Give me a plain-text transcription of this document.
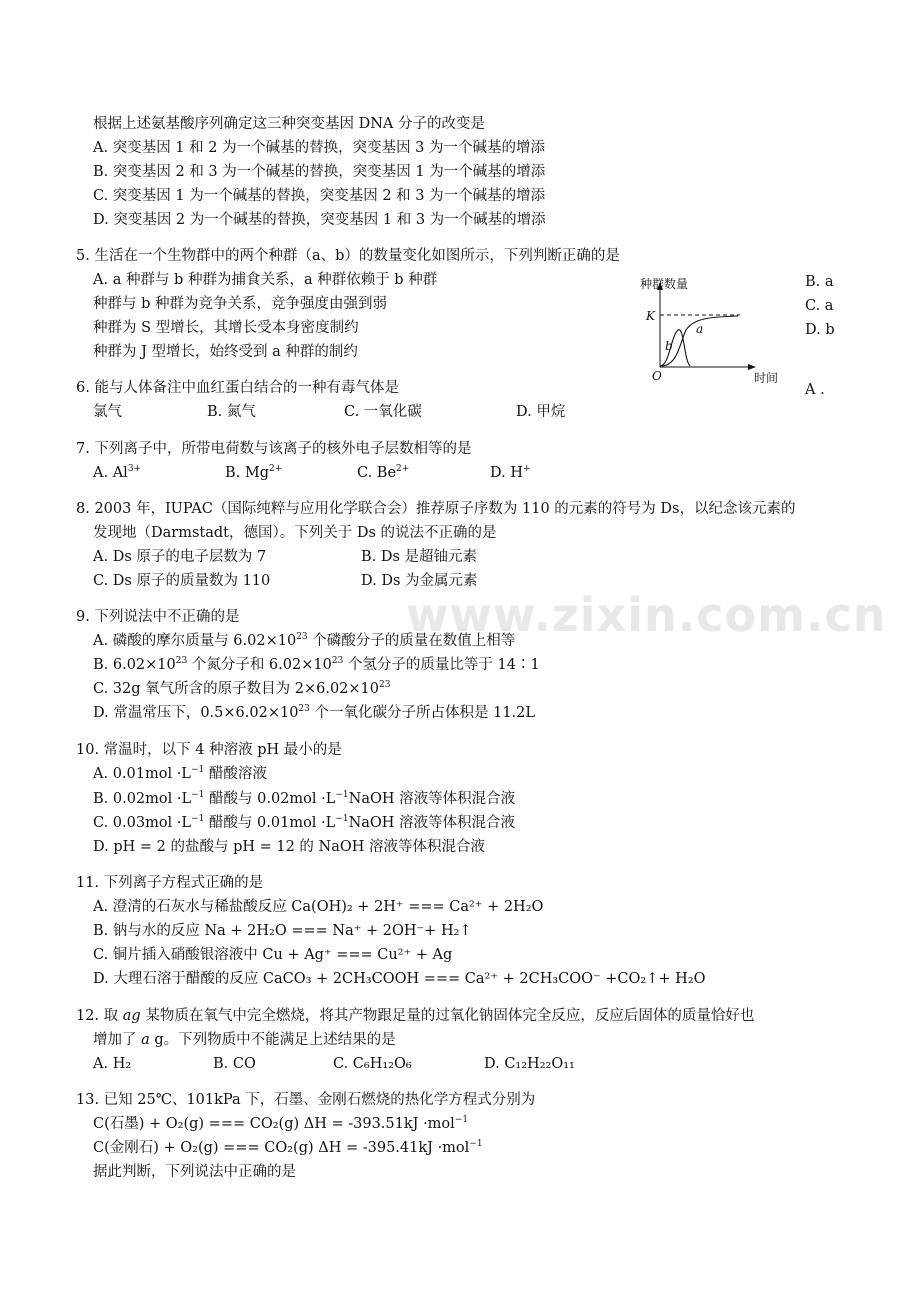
www.zixin.com.cn
根据上述氨基酸序列确定这三种突变基因 DNA 分子的改变是
A. 突变基因 1 和 2 为一个碱基的替换，突变基因 3 为一个碱基的增添
B. 突变基因 2 和 3 为一个碱基的替换，突变基因 1 为一个碱基的增添
C. 突变基因 1 为一个碱基的替换，突变基因 2 和 3 为一个碱基的增添
D. 突变基因 2 为一个碱基的替换，突变基因 1 和 3 为一个碱基的增添
5. 生活在一个生物群中的两个种群（a、b）的数量变化如图所示，下列判断正确的是
A. a 种群与 b 种群为捕食关系，a 种群依赖于 b 种群
种群与 b 种群为竞争关系，竞争强度由强到弱
种群为 S 型增长，其增长受本身密度制约
种群为 J 型增长，始终受到 a 种群的制约
B. a
C. a
D. b
A .
种群数量
K
O	时间
a
b
6. 能与人体备注中血红蛋白结合的一种有毒气体是
氯气	B. 氮气	C. 一氧化碳	D. 甲烷
7. 下列离子中，所带电荷数与该离子的核外电子层数相等的是
A. $Al^{3+}$	B. $Mg^{2+}$	C. $Be^{2+}$	D. H+
8. 2003 年，IUPAC（国际纯粹与应用化学联合会）推荐原子序数为 110 的元素的符号为 Ds，以纪念该元素的
发现地（Darmstadt，德国）。下列关于 Ds 的说法不正确的是
A. Ds 原子的电子层数为 7	B. Ds 是超铀元素
C. Ds 原子的质量数为 110	D. Ds 为金属元素
9. 下列说法中不正确的是
A. 磷酸的摩尔质量与 $6.02\times 10^{23}$ 个磷酸分子的质量在数值上相等
B. $6.02\times 10^{23}$ 个氮分子和 $6.02\times 10^{23}$ 个氢分子的质量比等于 14∶1
C. 32g 氧气所含的原子数目为 $2\times 6.02\times 10^{23}$
D. 常温常压下，$0.5\times 6.02\times 10^{23}$ 个一氧化碳分子所占体积是 11.2L
10. 常温时，以下 4 种溶液 pH 最小的是
A. $0.01mol \cdot L^{-1}$ 醋酸溶液
B. $0.02mol \cdot L^{-1}$ 醋酸与 $0.02mol \cdot L^{-1}NaOH$ 溶液等体积混合液
C. $0.03mol \cdot L^{-1}$ 醋酸与 $0.01mol \cdot L^{-1}NaOH$ 溶液等体积混合液
D. pH = 2 的盐酸与 pH = 12 的 NaOH 溶液等体积混合液
11. 下列离子方程式正确的是
A. 澄清的石灰水与稀盐酸反应 Ca(OH)₂ + 2H⁺ === Ca²⁺ + 2H₂O
B. 钠与水的反应 Na + 2H₂O === Na⁺ + 2OH⁻+ H₂↑
C. 铜片插入硝酸银溶液中 Cu + Ag⁺ === Cu²⁺ + Ag
D. 大理石溶于醋酸的反应 CaCO₃ + 2CH₃COOH === Ca²⁺ + 2CH₃COO⁻ +CO₂↑+ H₂O
12. 取 ag 某物质在氧气中完全燃烧，将其产物跟足量的过氧化钠固体完全反应，反应后固体的质量恰好也
增加了 a g。下列物质中不能满足上述结果的是
A. H₂	B. CO	C. C₆H₁₂O₆	D. C₁₂H₂₂O₁₁
13. 已知 25℃、101kPa 下，石墨、金刚石燃烧的热化学方程式分别为
C(石墨) + O₂(g) === CO₂(g) ΔH = -393.51kJ ·mol$^{-1}$
C(金刚石) + O₂(g) === CO₂(g) ΔH = -395.41kJ ·mol$^{-1}$
据此判断，下列说法中正确的是
